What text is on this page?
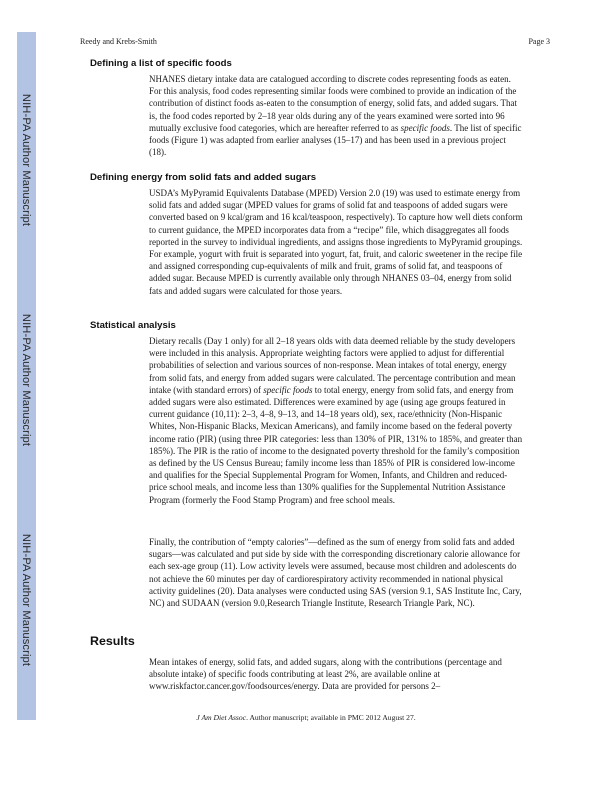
NIH-PA Author Manuscript
NIH-PA Author Manuscript
NIH-PA Author Manuscript
Reedy and Krebs-Smith	Page 3
Defining a list of specific foods

NHANES dietary intake data are catalogued according to discrete codes representing foods as eaten. For this analysis, food codes representing similar foods were combined to provide an indication of the contribution of distinct foods as-eaten to the consumption of energy, solid fats, and added sugars. That is, the food codes reported by 2–18 year olds during any of the years examined were sorted into 96 mutually exclusive food categories, which are hereafter referred to as specific foods. The list of specific foods (Figure 1) was adapted from earlier analyses (15–17) and has been used in a previous project (18).

Defining energy from solid fats and added sugars

USDA’s MyPyramid Equivalents Database (MPED) Version 2.0 (19) was used to estimate energy from solid fats and added sugar (MPED values for grams of solid fat and teaspoons of added sugars were converted based on 9 kcal/gram and 16 kcal/teaspoon, respectively). To capture how well diets conform to current guidance, the MPED incorporates data from a “recipe” file, which disaggregates all foods reported in the survey to individual ingredients, and assigns those ingredients to MyPyramid groupings. For example, yogurt with fruit is separated into yogurt, fat, fruit, and caloric sweetener in the recipe file and assigned corresponding cup-equivalents of milk and fruit, grams of solid fat, and teaspoons of added sugar. Because MPED is currently available only through NHANES 03–04, energy from solid fats and added sugars were calculated for those years.

Statistical analysis

Dietary recalls (Day 1 only) for all 2–18 years olds with data deemed reliable by the study developers were included in this analysis. Appropriate weighting factors were applied to adjust for differential probabilities of selection and various sources of non-response. Mean intakes of total energy, energy from solid fats, and energy from added sugars were calculated. The percentage contribution and mean intake (with standard errors) of specific foods to total energy, energy from solid fats, and energy from added sugars were also estimated. Differences were examined by age (using age groups featured in current guidance (10,11): 2–3, 4–8, 9–13, and 14–18 years old), sex, race/ethnicity (Non-Hispanic Whites, Non-Hispanic Blacks, Mexican Americans), and family income based on the federal poverty income ratio (PIR) (using three PIR categories: less than 130% of PIR, 131% to 185%, and greater than 185%). The PIR is the ratio of income to the designated poverty threshold for the family’s composition as defined by the US Census Bureau; family income less than 185% of PIR is considered low-income and qualifies for the Special Supplemental Program for Women, Infants, and Children and reduced-price school meals, and income less than 130% qualifies for the Supplemental Nutrition Assistance Program (formerly the Food Stamp Program) and free school meals.

Finally, the contribution of “empty calories”—defined as the sum of energy from solid fats and added sugars—was calculated and put side by side with the corresponding discretionary calorie allowance for each sex-age group (11). Low activity levels were assumed, because most children and adolescents do not achieve the 60 minutes per day of cardiorespiratory activity recommended in national physical activity guidelines (20). Data analyses were conducted using SAS (version 9.1, SAS Institute Inc, Cary, NC) and SUDAAN (version 9.0,Research Triangle Institute, Research Triangle Park, NC).

Results

Mean intakes of energy, solid fats, and added sugars, along with the contributions (percentage and absolute intake) of specific foods contributing at least 2%, are available online at www.riskfactor.cancer.gov/foodsources/energy. Data are provided for persons 2–

J Am Diet Assoc. Author manuscript; available in PMC 2012 August 27.
